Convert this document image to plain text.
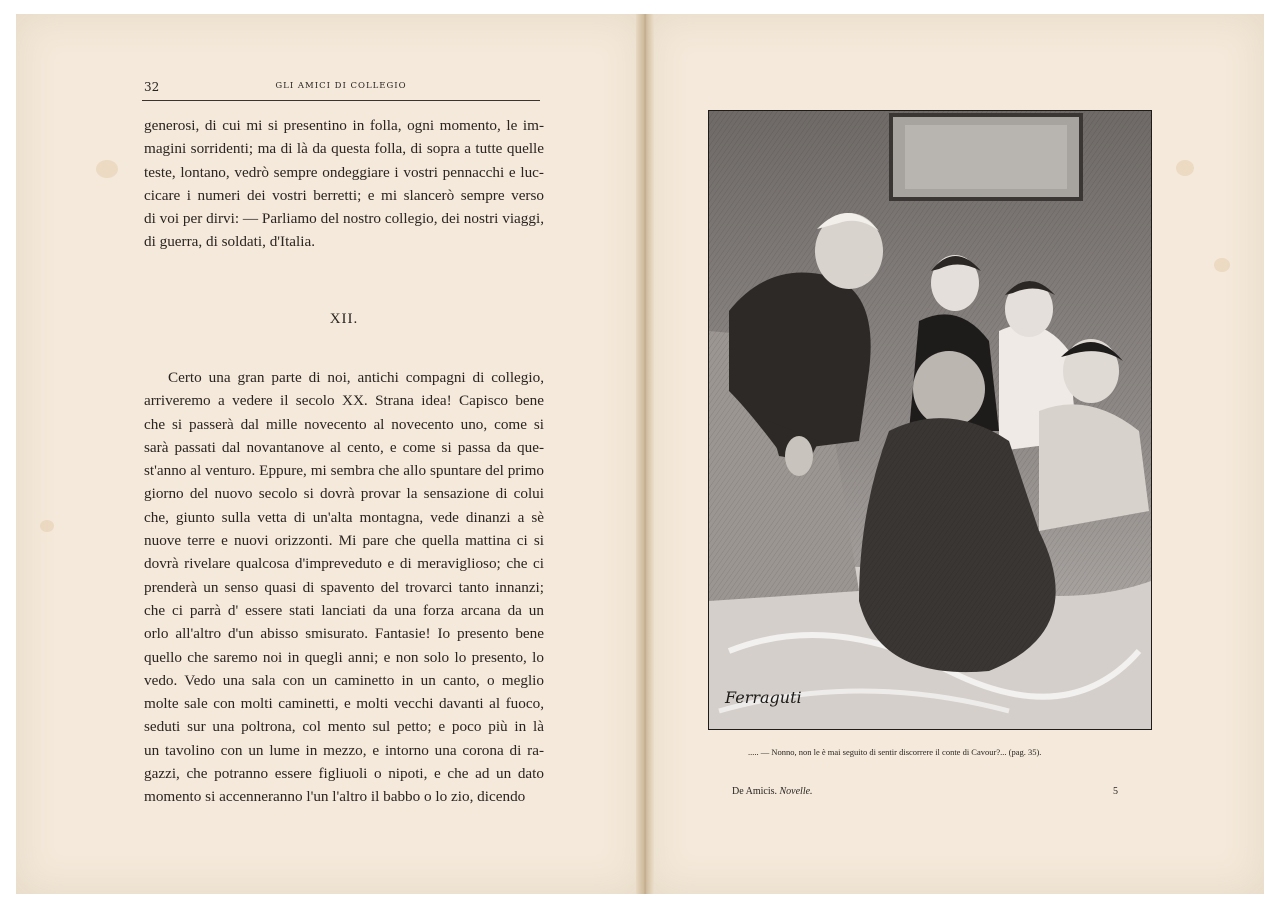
32	GLI AMICI DI COLLEGIO
generosi, di cui mi si presentino in folla, ogni momento, le im-
magini sorridenti; ma di là da questa folla, di sopra a tutte quelle
teste, lontano, vedrò sempre ondeggiare i vostri pennacchi e luc-
cicare i numeri dei vostri berretti; e mi slancerò sempre verso
di voi per dirvi: — Parliamo del nostro collegio, dei nostri viaggi,
di guerra, di soldati, d'Italia.
XII.
Certo una gran parte di noi, antichi compagni di collegio,
arriveremo a vedere il secolo XX. Strana idea! Capisco bene
che si passerà dal mille novecento al novecento uno, come si
sarà passati dal novantanove al cento, e come si passa da que-
st'anno al venturo. Eppure, mi sembra che allo spuntare del primo
giorno del nuovo secolo si dovrà provar la sensazione di colui
che, giunto sulla vetta di un'alta montagna, vede dinanzi a sè
nuove terre e nuovi orizzonti. Mi pare che quella mattina ci si
dovrà rivelare qualcosa d'impreveduto e di meraviglioso; che ci
prenderà un senso quasi di spavento del trovarci tanto innanzi;
che ci parrà d' essere stati lanciati da una forza arcana da un
orlo all'altro d'un abisso smisurato. Fantasie! Io presento bene
quello che saremo noi in quegli anni; e non solo lo presento, lo
vedo. Vedo una sala con un caminetto in un canto, o meglio
molte sale con molti caminetti, e molti vecchi davanti al fuoco,
seduti sur una poltrona, col mento sul petto; e poco più in là
un tavolino con un lume in mezzo, e intorno una corona di ra-
gazzi, che potranno essere figliuoli o nipoti, e che ad un dato
momento si accenneranno l'un l'altro il babbo o lo zio, dicendo
Ferraguti
..... — Nonno, non le è mai seguito di sentir discorrere il conte di Cavour?... (pag. 35).
De Amicis. Novelle.	5
